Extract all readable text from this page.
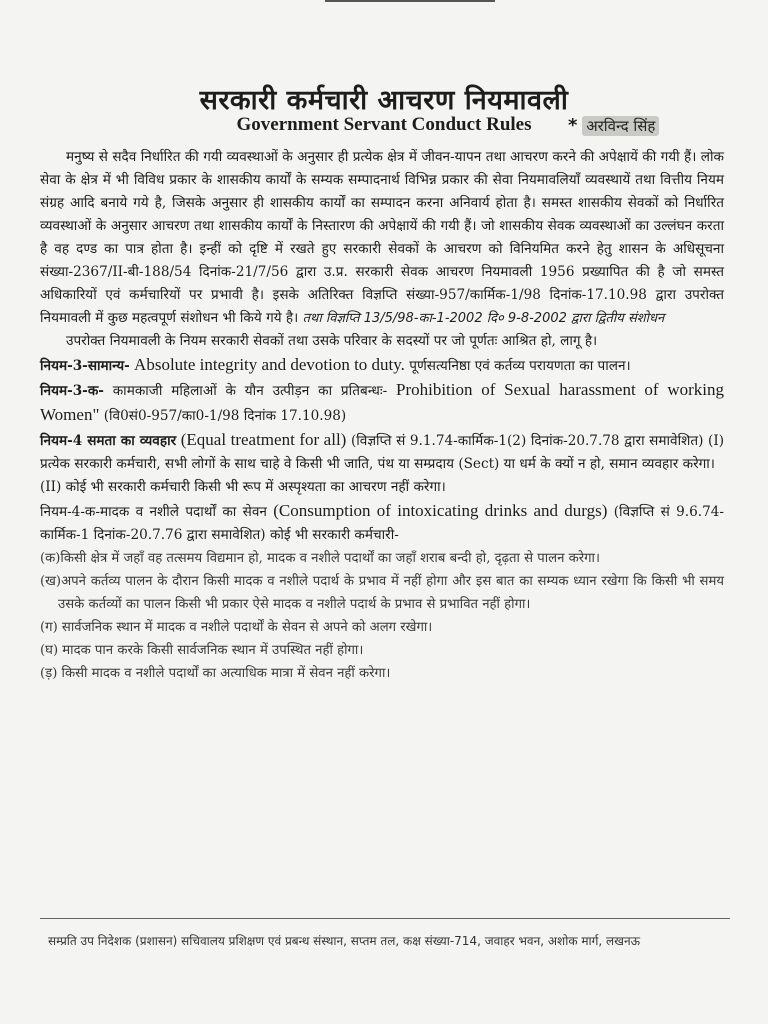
सरकारी कर्मचारी आचरण नियमावली
Government Servant Conduct Rules	* अरविन्द सिंह

मनुष्य से सदैव निर्धारित की गयी व्यवस्थाओं के अनुसार ही प्रत्येक क्षेत्र में जीवन-यापन तथा आचरण करने की अपेक्षायें की गयी हैं। लोक सेवा के क्षेत्र में भी विविध प्रकार के शासकीय कार्यों के सम्यक सम्पादनार्थ विभिन्न प्रकार की सेवा नियमावलियाँ व्यवस्थायें तथा वित्तीय नियम संग्रह आदि बनाये गये है, जिसके अनुसार ही शासकीय कार्यों का सम्पादन करना अनिवार्य होता है। समस्त शासकीय सेवकों को निर्धारित व्यवस्थाओं के अनुसार आचरण तथा शासकीय कार्यों के निस्तारण की अपेक्षायें की गयी हैं। जो शासकीय सेवक व्यवस्थाओं का उल्लंघन करता है वह दण्ड का पात्र होता है। इन्हीं को दृष्टि में रखते हुए सरकारी सेवकों के आचरण को विनियमित करने हेतु शासन के अधिसूचना संख्या-2367/II-बी-188/54 दिनांक-21/7/56 द्वारा उ.प्र. सरकारी सेवक आचरण नियमावली 1956 प्रख्यापित की है जो समस्त अधिकारियों एवं कर्मचारियों पर प्रभावी है। इसके अतिरिक्त विज्ञप्ति संख्या-957/कार्मिक-1/98 दिनांक-17.10.98 द्वारा उपरोक्त नियमावली में कुछ महत्वपूर्ण संशोधन भी किये गये है। तथा विज्ञप्ति 13/5/98-का-1-2002 दि० 9-8-2002 द्वारा द्वितीय संशोधन

उपरोक्त नियमावली के नियम सरकारी सेवकों तथा उसके परिवार के सदस्यों पर जो पूर्णतः आश्रित हो, लागू है।

नियम-3-सामान्य- Absolute integrity and devotion to duty. पूर्णसत्यनिष्ठा एवं कर्तव्य परायणता का पालन।

नियम-3-क- कामकाजी महिलाओं के यौन उत्पीड़न का प्रतिबन्धः- Prohibition of Sexual harassment of working Women" (वि0सं0-957/का0-1/98 दिनांक 17.10.98)

नियम-4 समता का व्यवहार (Equal treatment for all) (विज्ञप्ति सं 9.1.74-कार्मिक-1(2) दिनांक-20.7.78 द्वारा समावेशित) (I) प्रत्येक सरकारी कर्मचारी, सभी लोगों के साथ चाहे वे किसी भी जाति, पंथ या सम्प्रदाय (Sect) या धर्म के क्यों न हो, समान व्यवहार करेगा।

(II) कोई भी सरकारी कर्मचारी किसी भी रूप में अस्पृश्यता का आचरण नहीं करेगा।

नियम-4-क-मादक व नशीले पदार्थों का सेवन (Consumption of intoxicating drinks and durgs) (विज्ञप्ति सं 9.6.74-कार्मिक-1 दिनांक-20.7.76 द्वारा समावेशित) कोई भी सरकारी कर्मचारी-

(क)किसी क्षेत्र में जहाँ वह तत्समय विद्यमान हो, मादक व नशीले पदार्थों का जहाँ शराब बन्दी हो, दृढ़ता से पालन करेगा।

(ख)अपने कर्तव्य पालन के दौरान किसी मादक व नशीले पदार्थ के प्रभाव में नहीं होगा और इस बात का सम्यक ध्यान रखेगा कि किसी भी समय उसके कर्तव्यों का पालन किसी भी प्रकार ऐसे मादक व नशीले पदार्थ के प्रभाव से प्रभावित नहीं होगा।

(ग) सार्वजनिक स्थान में मादक व नशीले पदार्थों के सेवन से अपने को अलग रखेगा।

(घ) मादक पान करके किसी सार्वजनिक स्थान में उपस्थित नहीं होगा।

(ड़) किसी मादक व नशीले पदार्थों का अत्याधिक मात्रा में सेवन नहीं करेगा।

सम्प्रति उप निदेशक (प्रशासन) सचिवालय प्रशिक्षण एवं प्रबन्ध संस्थान, सप्तम तल, कक्ष संख्या-714, जवाहर भवन, अशोक मार्ग, लखनऊ
